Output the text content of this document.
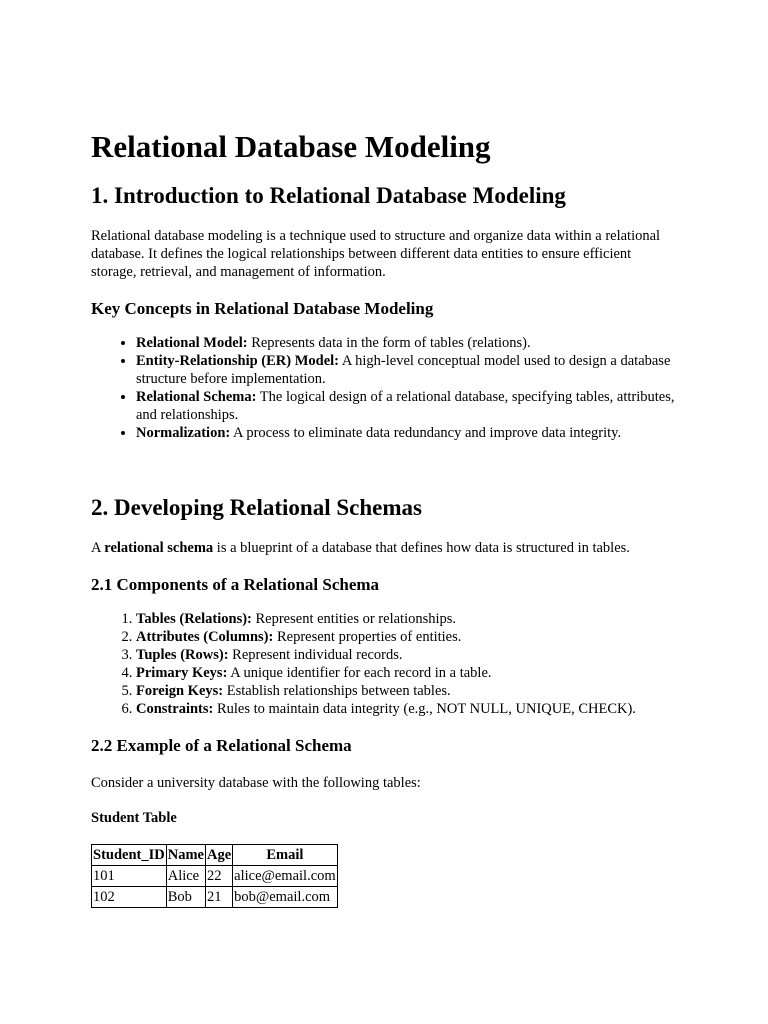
Relational Database Modeling
1. Introduction to Relational Database Modeling

Relational database modeling is a technique used to structure and organize data within a relational database. It defines the logical relationships between different data entities to ensure efficient storage, retrieval, and management of information.

Key Concepts in Relational Database Modeling
• Relational Model: Represents data in the form of tables (relations).
• Entity-Relationship (ER) Model: A high-level conceptual model used to design a database structure before implementation.
• Relational Schema: The logical design of a relational database, specifying tables, attributes, and relationships.
• Normalization: A process to eliminate data redundancy and improve data integrity.
2. Developing Relational Schemas

A relational schema is a blueprint of a database that defines how data is structured in tables.

2.1 Components of a Relational Schema
1. Tables (Relations): Represent entities or relationships.
2. Attributes (Columns): Represent properties of entities.
3. Tuples (Rows): Represent individual records.
4. Primary Keys: A unique identifier for each record in a table.
5. Foreign Keys: Establish relationships between tables.
6. Constraints: Rules to maintain data integrity (e.g., NOT NULL, UNIQUE, CHECK).
2.2 Example of a Relational Schema

Consider a university database with the following tables:

Student Table

Student_ID	Name	Age	Email
101	Alice	22	alice@email.com
102	Bob	21	bob@email.com
